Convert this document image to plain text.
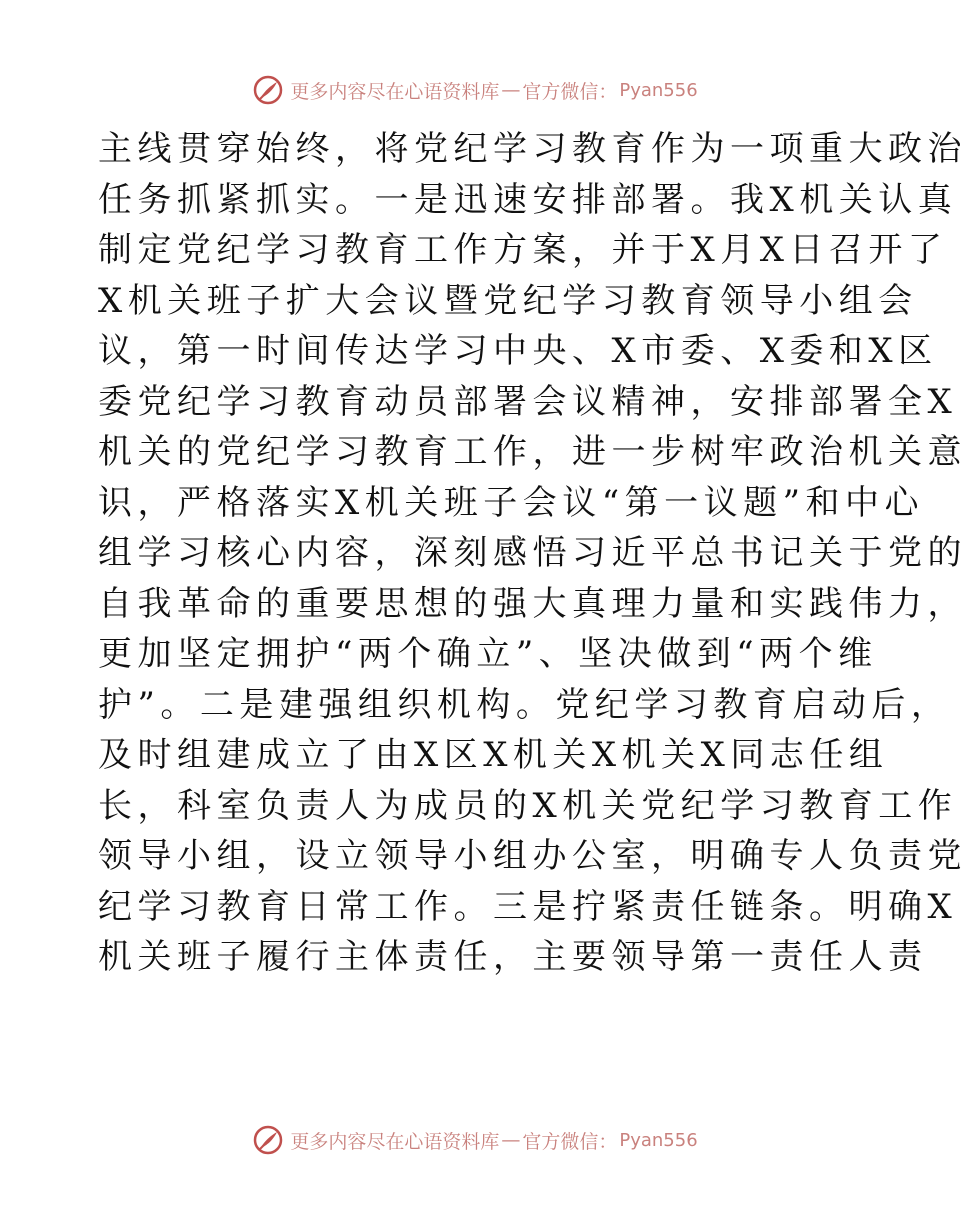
更多内容尽在心语资料库 — 官方微信： Pyan556
主线贯穿始终，将党纪学习教育作为一项重大政治
任务抓紧抓实。一是迅速安排部署。我X机关认真
制定党纪学习教育工作方案，并于X月X日召开了
X机关班子扩大会议暨党纪学习教育领导小组会
议，第一时间传达学习中央、X市委、X委和X区
委党纪学习教育动员部署会议精神，安排部署全X
机关的党纪学习教育工作，进一步树牢政治机关意
识，严格落实X机关班子会议“第一议题”和中心
组学习核心内容，深刻感悟习近平总书记关于党的
自我革命的重要思想的强大真理力量和实践伟力，
更加坚定拥护“两个确立”、坚决做到“两个维
护”。二是建强组织机构。党纪学习教育启动后，
及时组建成立了由X区X机关X机关X同志任组
长，科室负责人为成员的X机关党纪学习教育工作
领导小组，设立领导小组办公室，明确专人负责党
纪学习教育日常工作。三是拧紧责任链条。明确X
机关班子履行主体责任，主要领导第一责任人责
更多内容尽在心语资料库 — 官方微信： Pyan556
